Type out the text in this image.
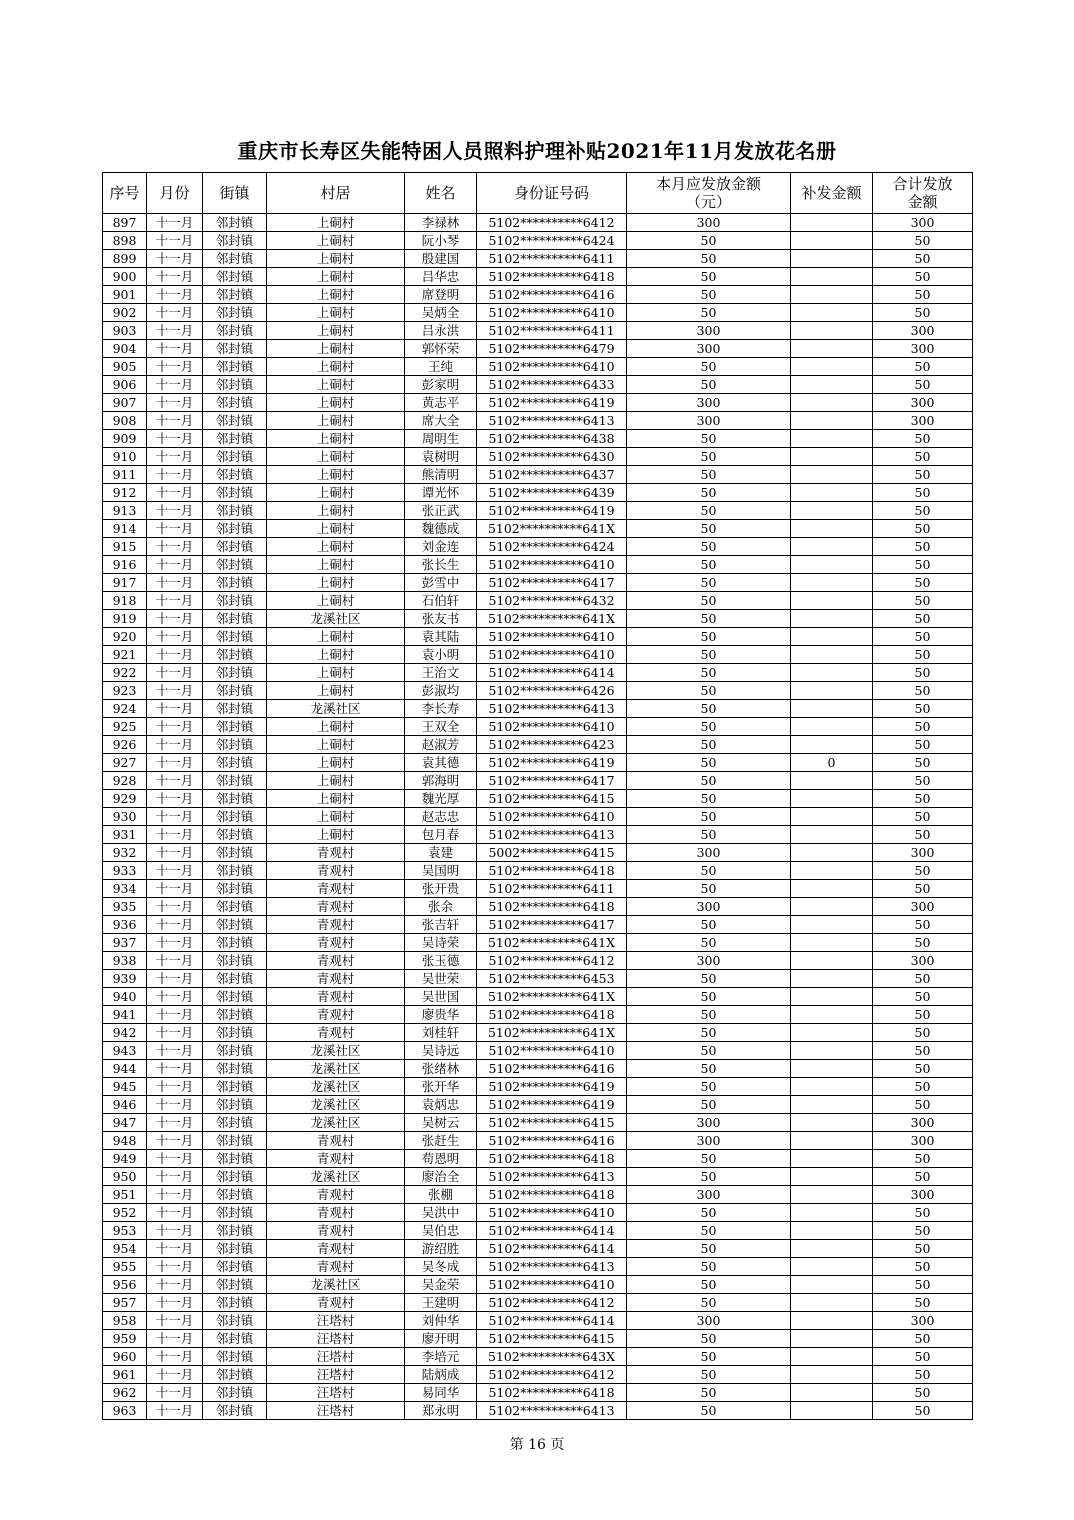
重庆市长寿区失能特困人员照料护理补贴2021年11月发放花名册
序号	月份	街镇	村居	姓名	身份证号码	本月应发放金额（元）	补发金额	合计发放金额

897	十一月	邻封镇	上硐村	李禄林	5102**********6412	300		300
898	十一月	邻封镇	上硐村	阮小琴	5102**********6424	50		50
899	十一月	邻封镇	上硐村	殷建国	5102**********6411	50		50
900	十一月	邻封镇	上硐村	吕华忠	5102**********6418	50		50
901	十一月	邻封镇	上硐村	席登明	5102**********6416	50		50
902	十一月	邻封镇	上硐村	吴炳全	5102**********6410	50		50
903	十一月	邻封镇	上硐村	吕永洪	5102**********6411	300		300
904	十一月	邻封镇	上硐村	郭怀荣	5102**********6479	300		300
905	十一月	邻封镇	上硐村	王纯	5102**********6410	50		50
906	十一月	邻封镇	上硐村	彭家明	5102**********6433	50		50
907	十一月	邻封镇	上硐村	黄志平	5102**********6419	300		300
908	十一月	邻封镇	上硐村	席大全	5102**********6413	300		300
909	十一月	邻封镇	上硐村	周明生	5102**********6438	50		50
910	十一月	邻封镇	上硐村	袁树明	5102**********6430	50		50
911	十一月	邻封镇	上硐村	熊清明	5102**********6437	50		50
912	十一月	邻封镇	上硐村	谭光怀	5102**********6439	50		50
913	十一月	邻封镇	上硐村	张正武	5102**********6419	50		50
914	十一月	邻封镇	上硐村	魏德成	5102**********641X	50		50
915	十一月	邻封镇	上硐村	刘金连	5102**********6424	50		50
916	十一月	邻封镇	上硐村	张长生	5102**********6410	50		50
917	十一月	邻封镇	上硐村	彭雪中	5102**********6417	50		50
918	十一月	邻封镇	上硐村	石伯轩	5102**********6432	50		50
919	十一月	邻封镇	龙溪社区	张友书	5102**********641X	50		50
920	十一月	邻封镇	上硐村	袁其陆	5102**********6410	50		50
921	十一月	邻封镇	上硐村	袁小明	5102**********6410	50		50
922	十一月	邻封镇	上硐村	王治文	5102**********6414	50		50
923	十一月	邻封镇	上硐村	彭淑均	5102**********6426	50		50
924	十一月	邻封镇	龙溪社区	李长寿	5102**********6413	50		50
925	十一月	邻封镇	上硐村	王双全	5102**********6410	50		50
926	十一月	邻封镇	上硐村	赵淑芳	5102**********6423	50		50
927	十一月	邻封镇	上硐村	袁其德	5102**********6419	50	0	50
928	十一月	邻封镇	上硐村	郭海明	5102**********6417	50		50
929	十一月	邻封镇	上硐村	魏光厚	5102**********6415	50		50
930	十一月	邻封镇	上硐村	赵志忠	5102**********6410	50		50
931	十一月	邻封镇	上硐村	包月春	5102**********6413	50		50
932	十一月	邻封镇	青观村	袁建	5002**********6415	300		300
933	十一月	邻封镇	青观村	吴国明	5102**********6418	50		50
934	十一月	邻封镇	青观村	张开贵	5102**********6411	50		50
935	十一月	邻封镇	青观村	张余	5102**********6418	300		300
936	十一月	邻封镇	青观村	张吉轩	5102**********6417	50		50
937	十一月	邻封镇	青观村	吴诗荣	5102**********641X	50		50
938	十一月	邻封镇	青观村	张玉德	5102**********6412	300		300
939	十一月	邻封镇	青观村	吴世荣	5102**********6453	50		50
940	十一月	邻封镇	青观村	吴世国	5102**********641X	50		50
941	十一月	邻封镇	青观村	廖贵华	5102**********6418	50		50
942	十一月	邻封镇	青观村	刘桂轩	5102**********641X	50		50
943	十一月	邻封镇	龙溪社区	吴诗远	5102**********6410	50		50
944	十一月	邻封镇	龙溪社区	张绪林	5102**********6416	50		50
945	十一月	邻封镇	龙溪社区	张开华	5102**********6419	50		50
946	十一月	邻封镇	龙溪社区	袁炳忠	5102**********6419	50		50
947	十一月	邻封镇	龙溪社区	吴树云	5102**********6415	300		300
948	十一月	邻封镇	青观村	张赶生	5102**********6416	300		300
949	十一月	邻封镇	青观村	苟恩明	5102**********6418	50		50
950	十一月	邻封镇	龙溪社区	廖治全	5102**********6413	50		50
951	十一月	邻封镇	青观村	张棚	5102**********6418	300		300
952	十一月	邻封镇	青观村	吴洪中	5102**********6410	50		50
953	十一月	邻封镇	青观村	吴伯忠	5102**********6414	50		50
954	十一月	邻封镇	青观村	游绍胜	5102**********6414	50		50
955	十一月	邻封镇	青观村	吴冬成	5102**********6413	50		50
956	十一月	邻封镇	龙溪社区	吴金荣	5102**********6410	50		50
957	十一月	邻封镇	青观村	王建明	5102**********6412	50		50
958	十一月	邻封镇	汪塔村	刘仲华	5102**********6414	300		300
959	十一月	邻封镇	汪塔村	廖开明	5102**********6415	50		50
960	十一月	邻封镇	汪塔村	李培元	5102**********643X	50		50
961	十一月	邻封镇	汪塔村	陆炳成	5102**********6412	50		50
962	十一月	邻封镇	汪塔村	易同华	5102**********6418	50		50
963	十一月	邻封镇	汪塔村	郑永明	5102**********6413	50		50
第 16 页
